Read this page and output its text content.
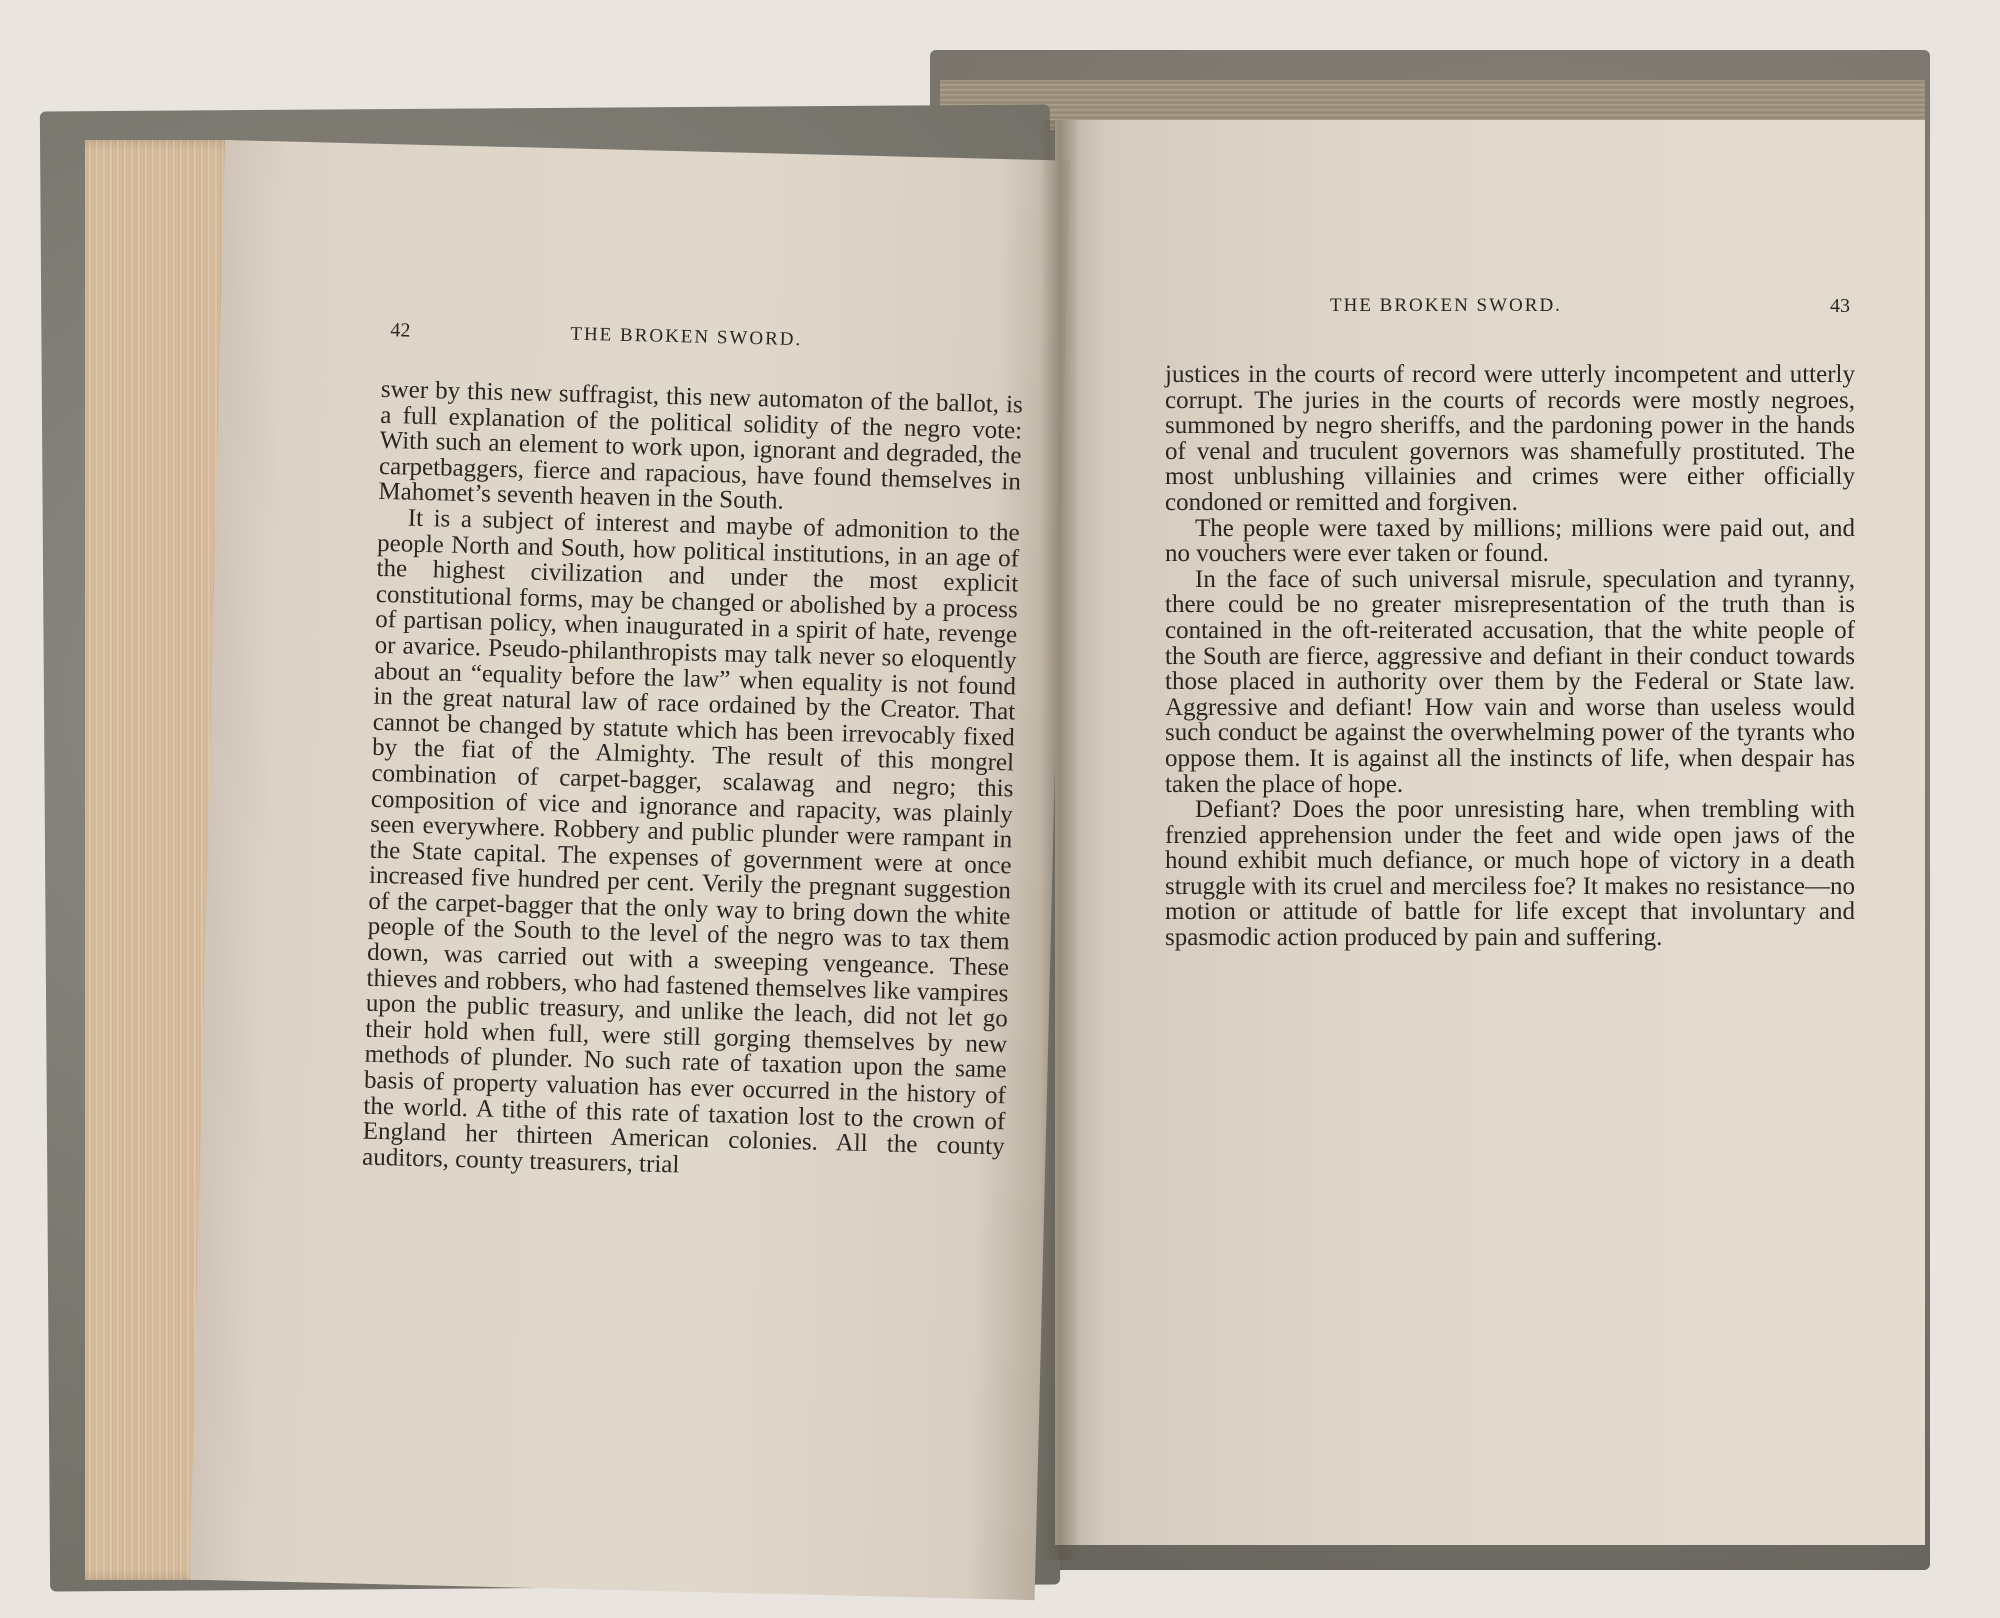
THE BROKEN SWORD.	43

justices in the courts of record were utterly incompetent and utterly corrupt. The juries in the courts of records were mostly negroes, summoned by negro sheriffs, and the pardoning power in the hands of venal and truculent governors was shamefully prostituted. The most unblushing villainies and crimes were either officially condoned or remitted and forgiven.

The people were taxed by millions; millions were paid out, and no vouchers were ever taken or found.

In the face of such universal misrule, speculation and tyranny, there could be no greater misrepresentation of the truth than is contained in the oft-reiterated accusation, that the white people of the South are fierce, aggressive and defiant in their conduct towards those placed in authority over them by the Federal or State law. Aggressive and defiant! How vain and worse than useless would such conduct be against the overwhelming power of the tyrants who oppose them. It is against all the instincts of life, when despair has taken the place of hope.

Defiant? Does the poor unresisting hare, when trembling with frenzied apprehension under the feet and wide open jaws of the hound exhibit much defiance, or much hope of victory in a death struggle with its cruel and merciless foe? It makes no resistance—no motion or attitude of battle for life except that involuntary and spasmodic action produced by pain and suffering.

42	THE BROKEN SWORD.

swer by this new suffragist, this new automaton of the ballot, is a full explanation of the political solidity of the negro vote: With such an element to work upon, ignorant and degraded, the carpetbaggers, fierce and rapacious, have found themselves in Mahomet’s seventh heaven in the South.

It is a subject of interest and maybe of admonition to the people North and South, how political institutions, in an age of the highest civilization and under the most explicit constitutional forms, may be changed or abolished by a process of partisan policy, when inaugurated in a spirit of hate, revenge or avarice. Pseudo-philanthropists may talk never so eloquently about an “equality before the law” when equality is not found in the great natural law of race ordained by the Creator. That cannot be changed by statute which has been irrevocably fixed by the fiat of the Almighty. The result of this mongrel combination of carpet-bagger, scalawag and negro; this composition of vice and ignorance and rapacity, was plainly seen everywhere. Robbery and public plunder were rampant in the State capital. The expenses of government were at once increased five hundred per cent. Verily the pregnant suggestion of the carpet-bagger that the only way to bring down the white people of the South to the level of the negro was to tax them down, was carried out with a sweeping vengeance. These thieves and robbers, who had fastened themselves like vampires upon the public treasury, and unlike the leach, did not let go their hold when full, were still gorging themselves by new methods of plunder. No such rate of taxation upon the same basis of property valuation has ever occurred in the history of the world. A tithe of this rate of taxation lost to the crown of England her thirteen American colonies. All the county auditors, county treasurers, trial
